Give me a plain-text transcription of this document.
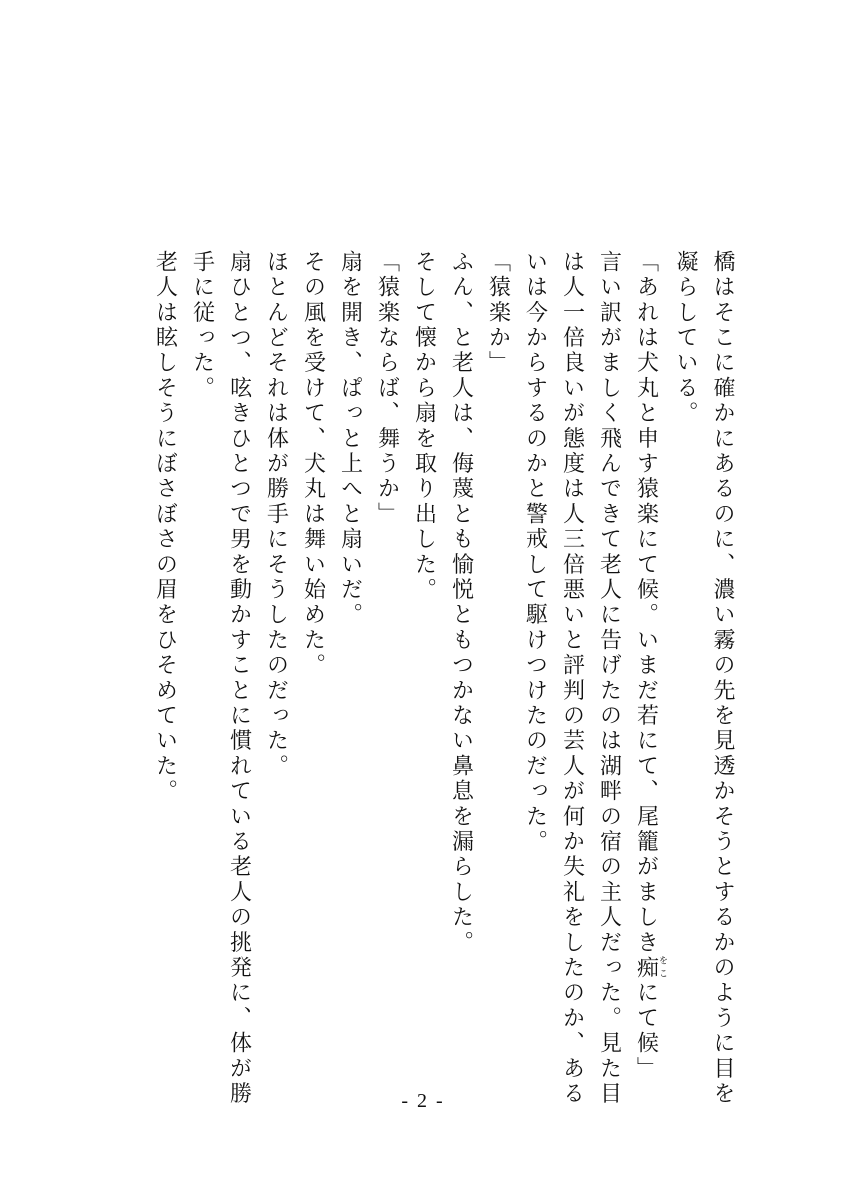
橋はそこに確かにあるのに、濃い霧の先を見透かそうとするかのように目を凝らしている。

「あれは犬丸と申す猿楽にて候。いまだ若にて、尾籠がましき痴をこにて候」

言い訳がましく飛んできて老人に告げたのは湖畔の宿の主人だった。見た目は人一倍良いが態度は人三倍悪いと評判の芸人が何か失礼をしたのか、あるいは今からするのかと警戒して駆けつけたのだった。

「猿楽か」

ふん、と老人は、侮蔑とも愉悦ともつかない鼻息を漏らした。

そして懐から扇を取り出した。

「猿楽ならば、舞うか」

扇を開き、ぱっと上へと扇いだ。

その風を受けて、犬丸は舞い始めた。

ほとんどそれは体が勝手にそうしたのだった。

扇ひとつ、呟きひとつで男を動かすことに慣れている老人の挑発に、体が勝手に従った。

老人は眩しそうにぼさぼさの眉をひそめていた。

- 2 -
